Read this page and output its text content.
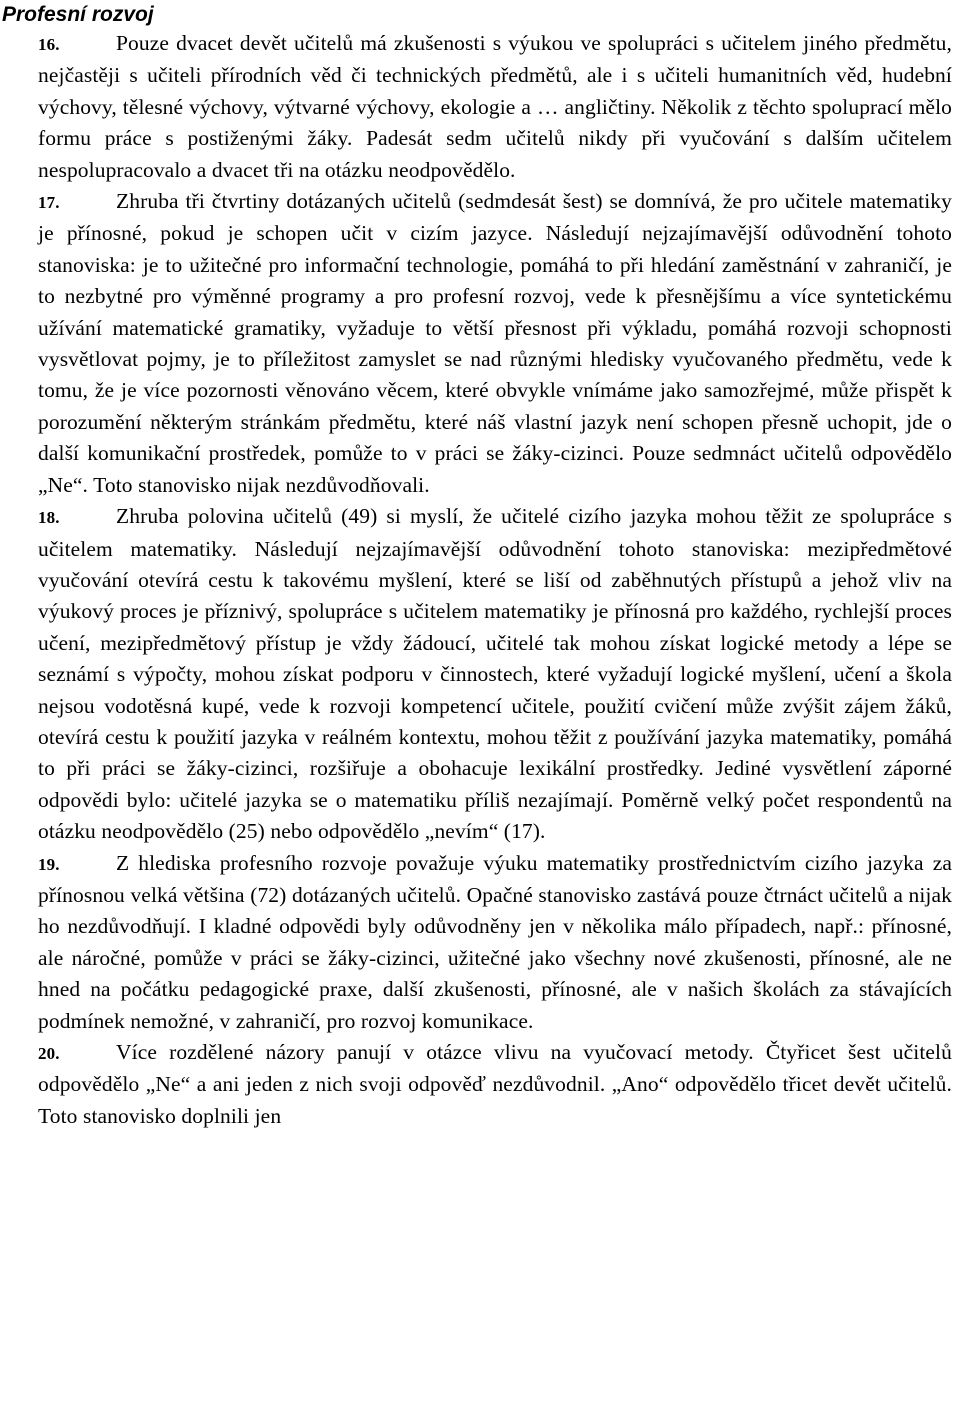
Profesní rozvoj

16.	Pouze dvacet devět učitelů má zkušenosti s výukou ve spolupráci s učitelem jiného předmětu, nejčastěji s učiteli přírodních věd či technických předmětů, ale i s učiteli humanitních věd, hudební výchovy, tělesné výchovy, výtvarné výchovy, ekologie a … angličtiny. Několik z těchto spoluprací mělo formu práce s postiženými žáky. Padesát sedm učitelů nikdy při vyučování s dalším učitelem nespolupracovalo a dvacet tři na otázku neodpovědělo.

17.	Zhruba tři čtvrtiny dotázaných učitelů (sedmdesát šest) se domnívá, že pro učitele matematiky je přínosné, pokud je schopen učit v cizím jazyce. Následují nejzajímavější odůvodnění tohoto stanoviska: je to užitečné pro informační technologie, pomáhá to při hledání zaměstnání v zahraničí, je to nezbytné pro výměnné programy a pro profesní rozvoj, vede k přesnějšímu a více syntetickému užívání matematické gramatiky, vyžaduje to větší přesnost při výkladu, pomáhá rozvoji schopnosti vysvětlovat pojmy, je to příležitost zamyslet se nad různými hledisky vyučovaného předmětu, vede k tomu, že je více pozornosti věnováno věcem, které obvykle vnímáme jako samozřejmé, může přispět k porozumění některým stránkám předmětu, které náš vlastní jazyk není schopen přesně uchopit, jde o další komunikační prostředek, pomůže to v práci se žáky-cizinci. Pouze sedmnáct učitelů odpovědělo „Ne“. Toto stanovisko nijak nezdůvodňovali.

18.	Zhruba polovina učitelů (49) si myslí, že učitelé cizího jazyka mohou těžit ze spolupráce s učitelem matematiky. Následují nejzajímavější odůvodnění tohoto stanoviska: mezipředmětové vyučování otevírá cestu k takovému myšlení, které se liší od zaběhnutých přístupů a jehož vliv na výukový proces je příznivý, spolupráce s učitelem matematiky je přínosná pro každého, rychlejší proces učení, mezipředmětový přístup je vždy žádoucí, učitelé tak mohou získat logické metody a lépe se seznámí s výpočty, mohou získat podporu v činnostech, které vyžadují logické myšlení, učení a škola nejsou vodotěsná kupé, vede k rozvoji kompetencí učitele, použití cvičení může zvýšit zájem žáků, otevírá cestu k použití jazyka v reálném kontextu, mohou těžit z používání jazyka matematiky, pomáhá to při práci se žáky-cizinci, rozšiřuje a obohacuje lexikální prostředky. Jediné vysvětlení záporné odpovědi bylo: učitelé jazyka se o matematiku příliš nezajímají. Poměrně velký počet respondentů na otázku neodpovědělo (25) nebo odpovědělo „nevím“ (17).

19.	Z hlediska profesního rozvoje považuje výuku matematiky prostřednictvím cizího jazyka za přínosnou velká většina (72) dotázaných učitelů. Opačné stanovisko zastává pouze čtrnáct učitelů a nijak ho nezdůvodňují. I kladné odpovědi byly odůvodněny jen v několika málo případech, např.: přínosné, ale náročné, pomůže v práci se žáky-cizinci, užitečné jako všechny nové zkušenosti, přínosné, ale ne hned na počátku pedagogické praxe, další zkušenosti, přínosné, ale v našich školách za stávajících podmínek nemožné, v zahraničí, pro rozvoj komunikace.

20.	Více rozdělené názory panují v otázce vlivu na vyučovací metody. Čtyřicet šest učitelů odpovědělo „Ne“ a ani jeden z nich svoji odpověď nezdůvodnil. „Ano“ odpovědělo třicet devět učitelů. Toto stanovisko doplnili jen
